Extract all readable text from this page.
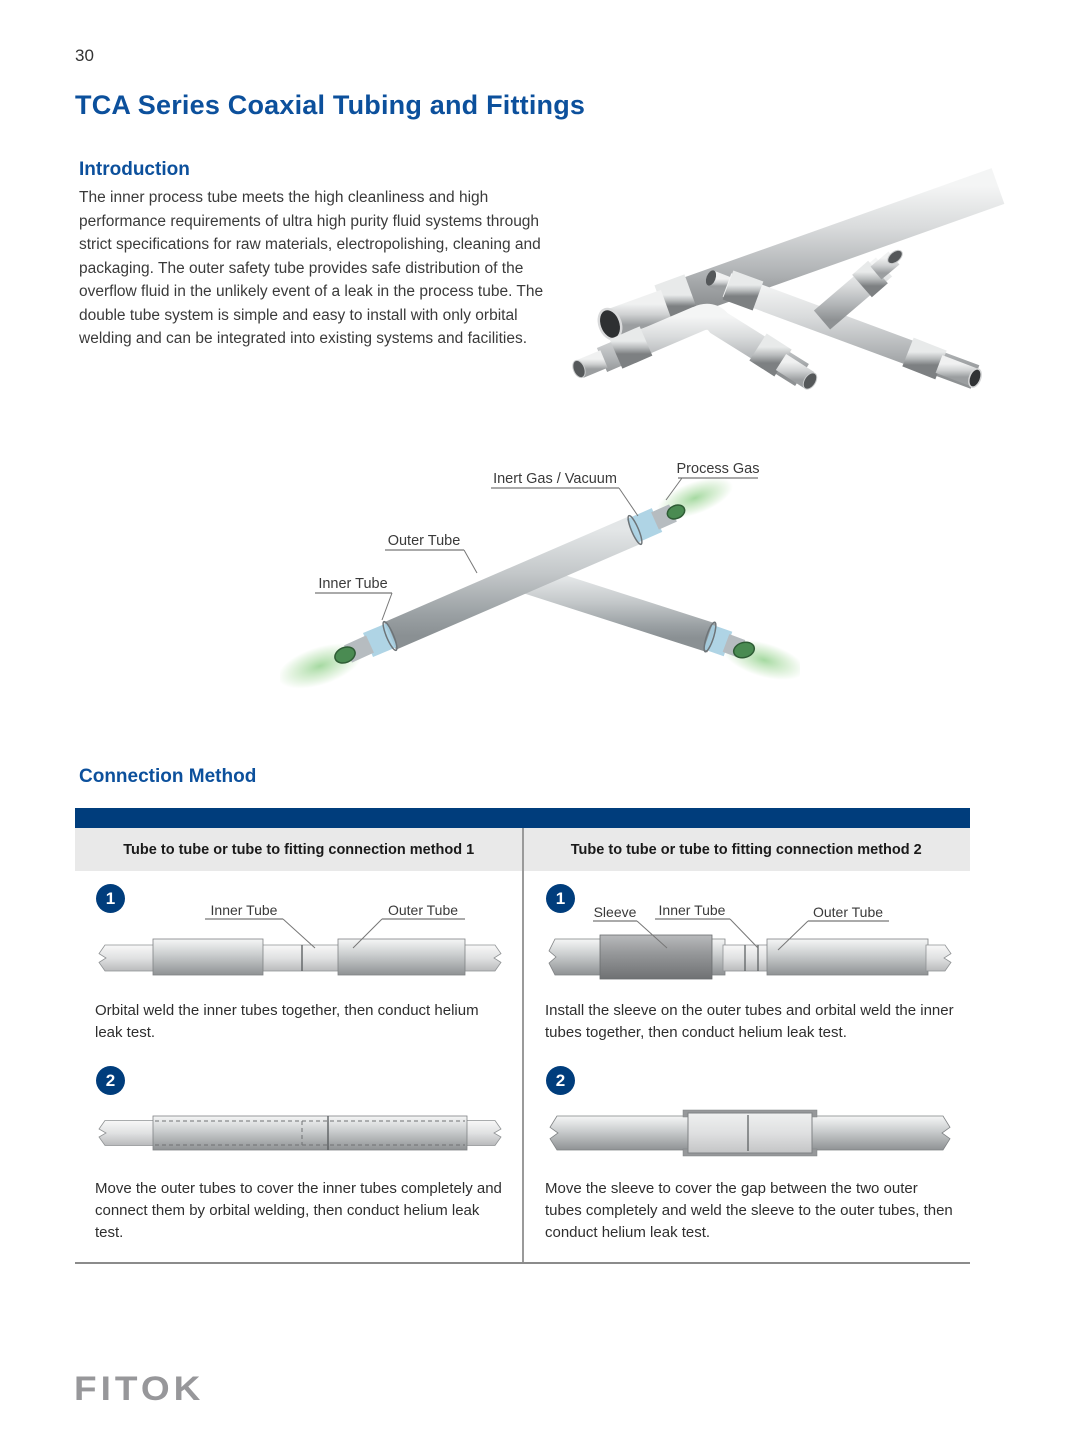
30
TCA Series Coaxial Tubing and Fittings
Introduction

The inner process tube meets the high cleanliness and high performance requirements of ultra high purity fluid systems through strict specifications for raw materials, electropolishing, cleaning and packaging. The outer safety tube provides safe distribution of the overflow fluid in the unlikely event of a leak in the process tube. The double tube system is simple and easy to install with only orbital welding and can be integrated into existing systems and facilities.

Inert Gas / Vacuum
Process Gas
Outer Tube
Inner Tube
Connection Method
Tube to tube or tube to fitting connection method 1	Tube to tube or tube to fitting connection method 2
1
Inner Tube	Outer Tube

Orbital weld the inner tubes together, then conduct helium leak test.

2

Move the outer tubes to cover the inner tubes completely and connect them by orbital welding, then conduct helium leak test.

1
Sleeve Inner Tube	Outer Tube

Install the sleeve on the outer tubes and orbital weld the inner tubes together, then conduct helium leak test.

2

Move the sleeve to cover the gap between the two outer tubes completely and weld the sleeve to the outer tubes, then conduct helium leak test.

FITOK
